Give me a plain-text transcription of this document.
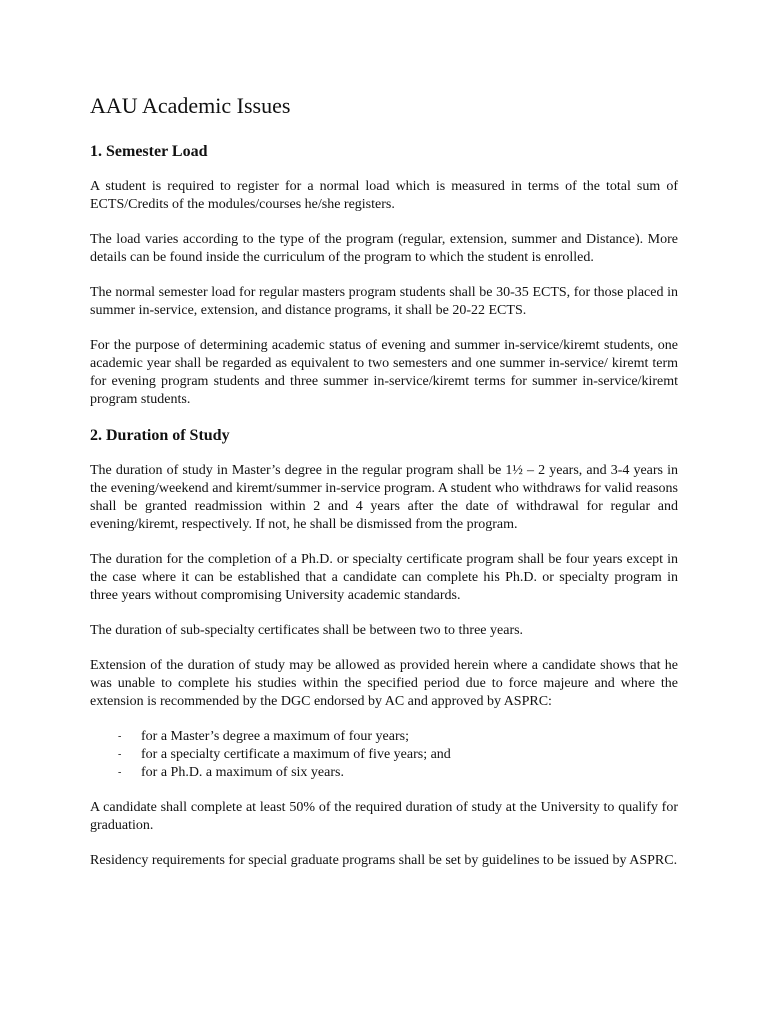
AAU Academic Issues
1. Semester Load

A student is required to register for a normal load which is measured in terms of the total sum of ECTS/Credits of the modules/courses he/she registers.

The load varies according to the type of the program (regular, extension, summer and Distance). More details can be found inside the curriculum of the program to which the student is enrolled.

The normal semester load for regular masters program students shall be 30-35 ECTS, for those placed in summer in-service, extension, and distance programs, it shall be 20-22 ECTS.

For the purpose of determining academic status of evening and summer in-service/kiremt students, one academic year shall be regarded as equivalent to two semesters and one summer in-service/ kiremt term for evening program students and three summer in-service/kiremt terms for summer in-service/kiremt program students.

2. Duration of Study

The duration of study in Master’s degree in the regular program shall be 1½ – 2 years, and 3-4 years in the evening/weekend and kiremt/summer in-service program. A student who withdraws for valid reasons shall be granted readmission within 2 and 4 years after the date of withdrawal for regular and evening/kiremt, respectively. If not, he shall be dismissed from the program.

The duration for the completion of a Ph.D. or specialty certificate program shall be four years except in the case where it can be established that a candidate can complete his Ph.D. or specialty program in three years without compromising University academic standards.

The duration of sub-specialty certificates shall be between two to three years.

Extension of the duration of study may be allowed as provided herein where a candidate shows that he was unable to complete his studies within the specified period due to force majeure and where the extension is recommended by the DGC endorsed by AC and approved by ASPRC:

- for a Master’s degree a maximum of four years;
- for a specialty certificate a maximum of five years; and
- for a Ph.D. a maximum of six years.

A candidate shall complete at least 50% of the required duration of study at the University to qualify for graduation.

Residency requirements for special graduate programs shall be set by guidelines to be issued by ASPRC.
